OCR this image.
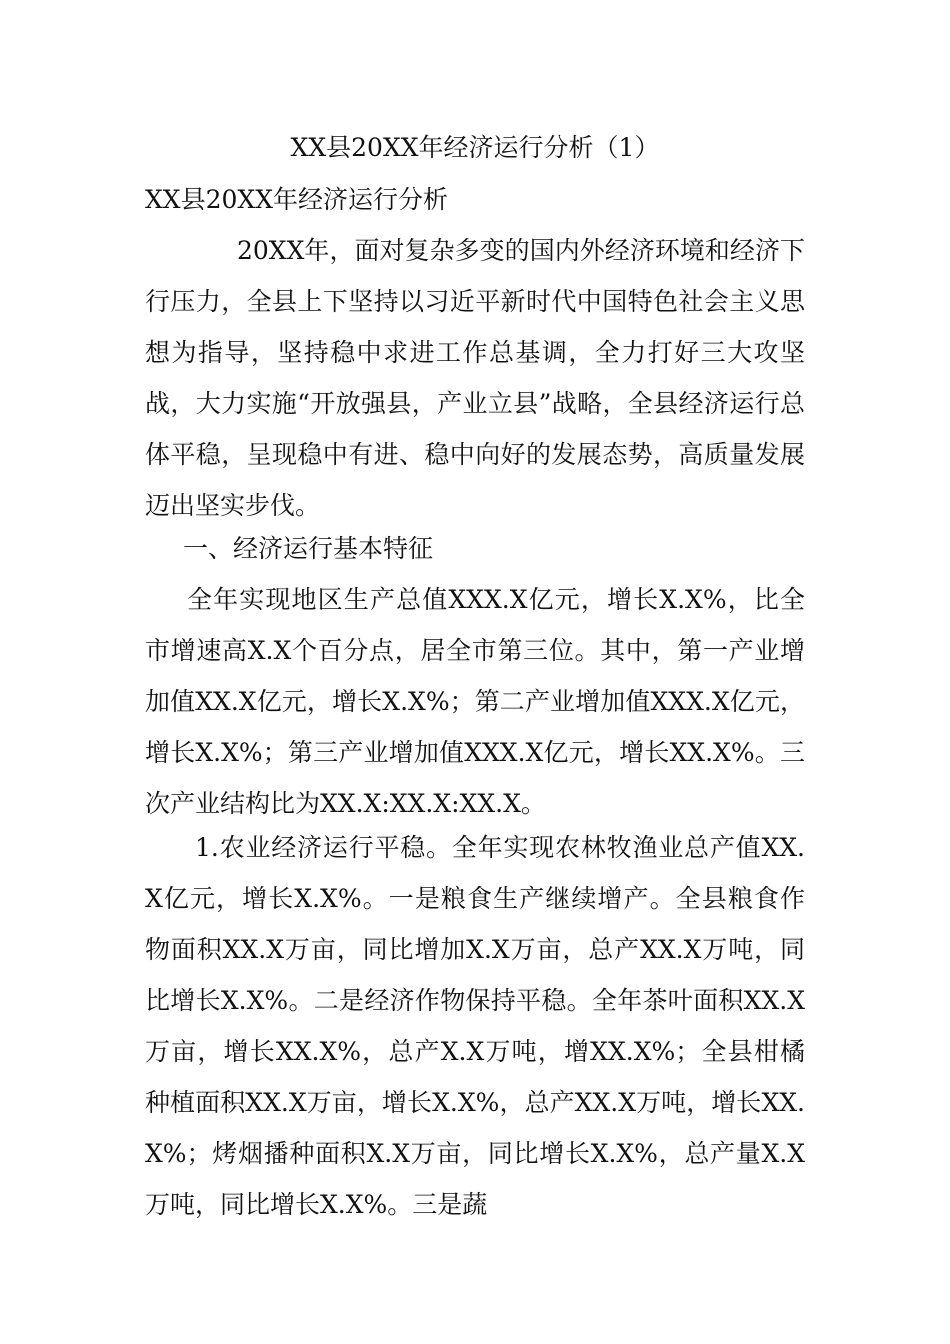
XX县20XX年经济运行分析（1）
XX县20XX年经济运行分析

20XX年，面对复杂多变的国内外经济环境和经济下行压力，全县上下坚持以习近平新时代中国特色社会主义思想为指导，坚持稳中求进工作总基调，全力打好三大攻坚战，大力实施“开放强县，产业立县”战略，全县经济运行总体平稳，呈现稳中有进、稳中向好的发展态势，高质量发展迈出坚实步伐。

一、经济运行基本特征

全年实现地区生产总值XXX.X亿元，增长X.X%，比全市增速高X.X个百分点，居全市第三位。其中，第一产业增加值XX.X亿元，增长X.X%；第二产业增加值XXX.X亿元，增长X.X%；第三产业增加值XXX.X亿元，增长XX.X%。三次产业结构比为XX.X:XX.X:XX.X。

1.农业经济运行平稳。全年实现农林牧渔业总产值XX.X亿元，增长X.X%。一是粮食生产继续增产。全县粮食作物面积XX.X万亩，同比增加X.X万亩，总产XX.X万吨，同比增长X.X%。二是经济作物保持平稳。全年茶叶面积XX.X万亩，增长XX.X%，总产X.X万吨，增XX.X%；全县柑橘种植面积XX.X万亩，增长X.X%，总产XX.X万吨，增长XX.X%；烤烟播种面积X.X万亩，同比增长X.X%，总产量X.X万吨，同比增长X.X%。三是蔬
